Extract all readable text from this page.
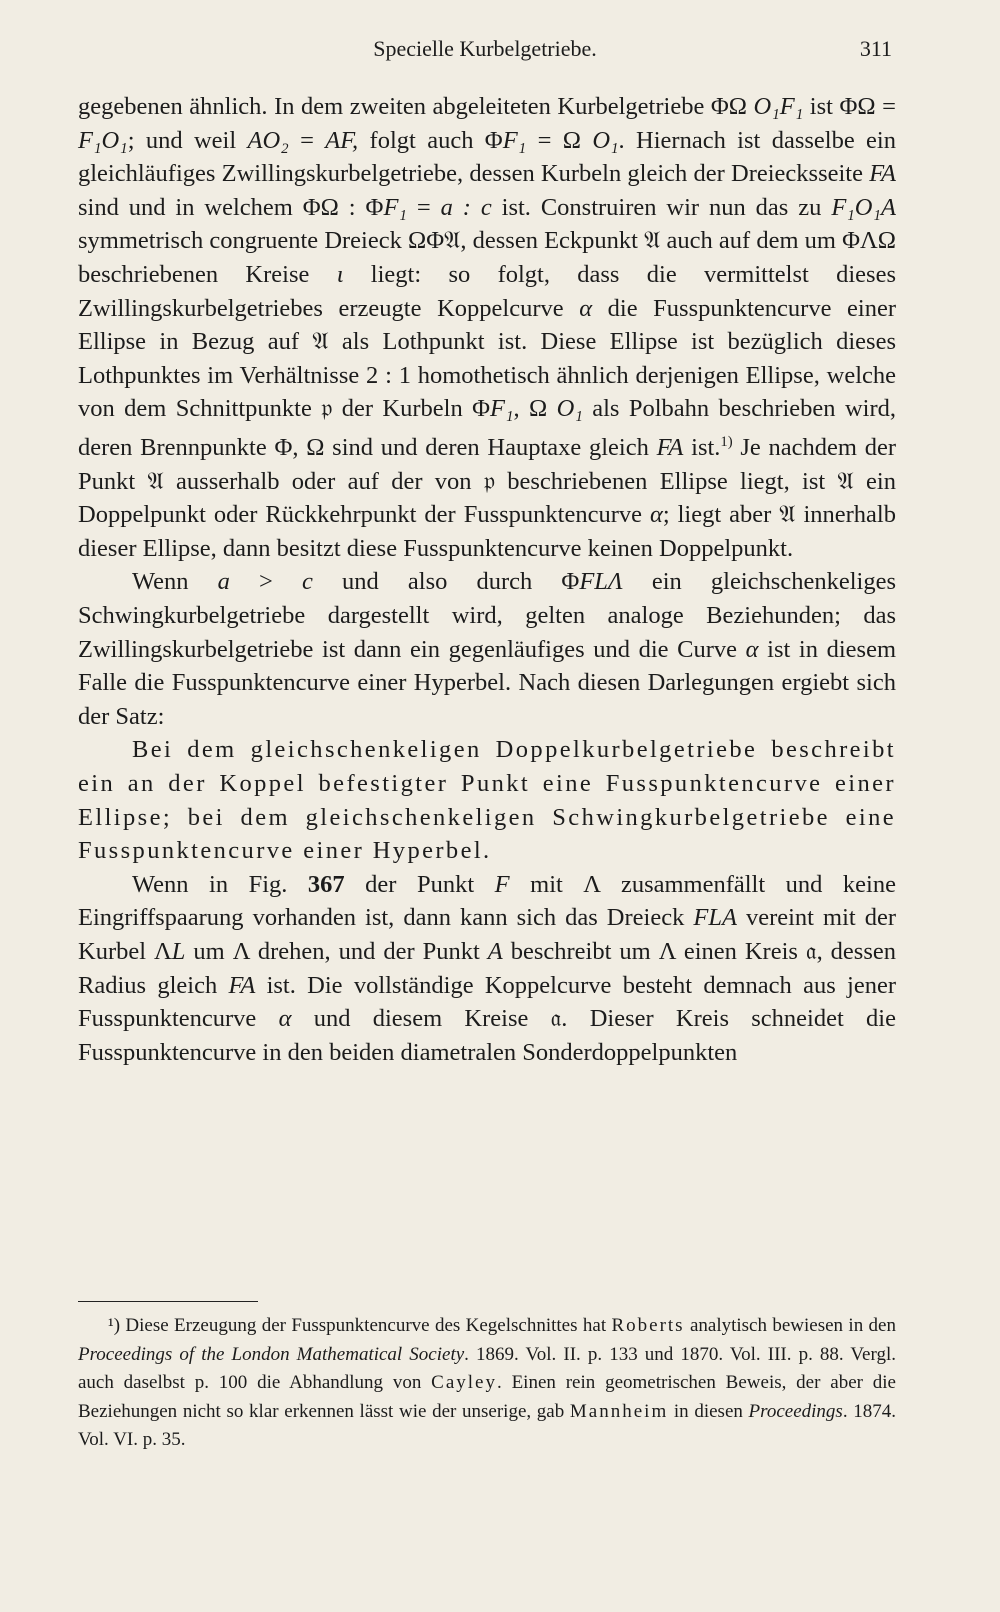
Specielle Kurbelgetriebe.	311

gegebenen ähnlich. In dem zweiten abgeleiteten Kurbelgetriebe ΦΩ O₁F₁ ist ΦΩ = F₁O₁; und weil AO₂ = AF, folgt auch ΦF₁ = Ω O₁. Hiernach ist dasselbe ein gleichläufiges Zwillingskurbelgetriebe, dessen Kurbeln gleich der Dreiecksseite FA sind und in welchem ΦΩ : ΦF₁ = a : c ist. Construiren wir nun das zu F₁O₁A symmetrisch congruente Dreieck ΩΦ𝔄, dessen Eckpunkt 𝔄 auch auf dem um ΦΛΩ beschriebenen Kreise ι liegt: so folgt, dass die vermittelst dieses Zwillingskurbelgetriebes erzeugte Koppelcurve α die Fusspunktencurve einer Ellipse in Bezug auf 𝔄 als Lothpunkt ist. Diese Ellipse ist bezüglich dieses Lothpunktes im Verhältnisse 2 : 1 homothetisch ähnlich derjenigen Ellipse, welche von dem Schnittpunkte 𝔭 der Kurbeln ΦF₁, Ω O₁ als Polbahn beschrieben wird, deren Brennpunkte Φ, Ω sind und deren Hauptaxe gleich FA ist.$^{1)}$ Je nachdem der Punkt 𝔄 ausserhalb oder auf der von 𝔭 beschriebenen Ellipse liegt, ist 𝔄 ein Doppelpunkt oder Rückkehrpunkt der Fusspunktencurve α; liegt aber 𝔄 innerhalb dieser Ellipse, dann besitzt diese Fusspunktencurve keinen Doppelpunkt.

Wenn a > c und also durch ΦFLΛ ein gleichschenkeliges Schwingkurbelgetriebe dargestellt wird, gelten analoge Beziehunden; das Zwillingskurbelgetriebe ist dann ein gegenläufiges und die Curve α ist in diesem Falle die Fusspunktencurve einer Hyperbel. Nach diesen Darlegungen ergiebt sich der Satz:

Bei dem gleichschenkeligen Doppelkurbelgetriebe beschreibt ein an der Koppel befestigter Punkt eine Fusspunktencurve einer Ellipse; bei dem gleichschenkeligen Schwingkurbelgetriebe eine Fusspunktencurve einer Hyperbel.

Wenn in Fig. 367 der Punkt F mit Λ zusammenfällt und keine Eingriffspaarung vorhanden ist, dann kann sich das Dreieck FLA vereint mit der Kurbel ΛL um Λ drehen, und der Punkt A beschreibt um Λ einen Kreis 𝔞, dessen Radius gleich FA ist. Die vollständige Koppelcurve besteht demnach aus jener Fusspunktencurve α und diesem Kreise 𝔞. Dieser Kreis schneidet die Fusspunktencurve in den beiden diametralen Sonderdoppelpunkten

¹) Diese Erzeugung der Fusspunktencurve des Kegelschnittes hat Roberts analytisch bewiesen in den Proceedings of the London Mathematical Society. 1869. Vol. II. p. 133 und 1870. Vol. III. p. 88. Vergl. auch daselbst p. 100 die Abhandlung von Cayley. Einen rein geometrischen Beweis, der aber die Beziehungen nicht so klar erkennen lässt wie der unserige, gab Mannheim in diesen Proceedings. 1874. Vol. VI. p. 35.
